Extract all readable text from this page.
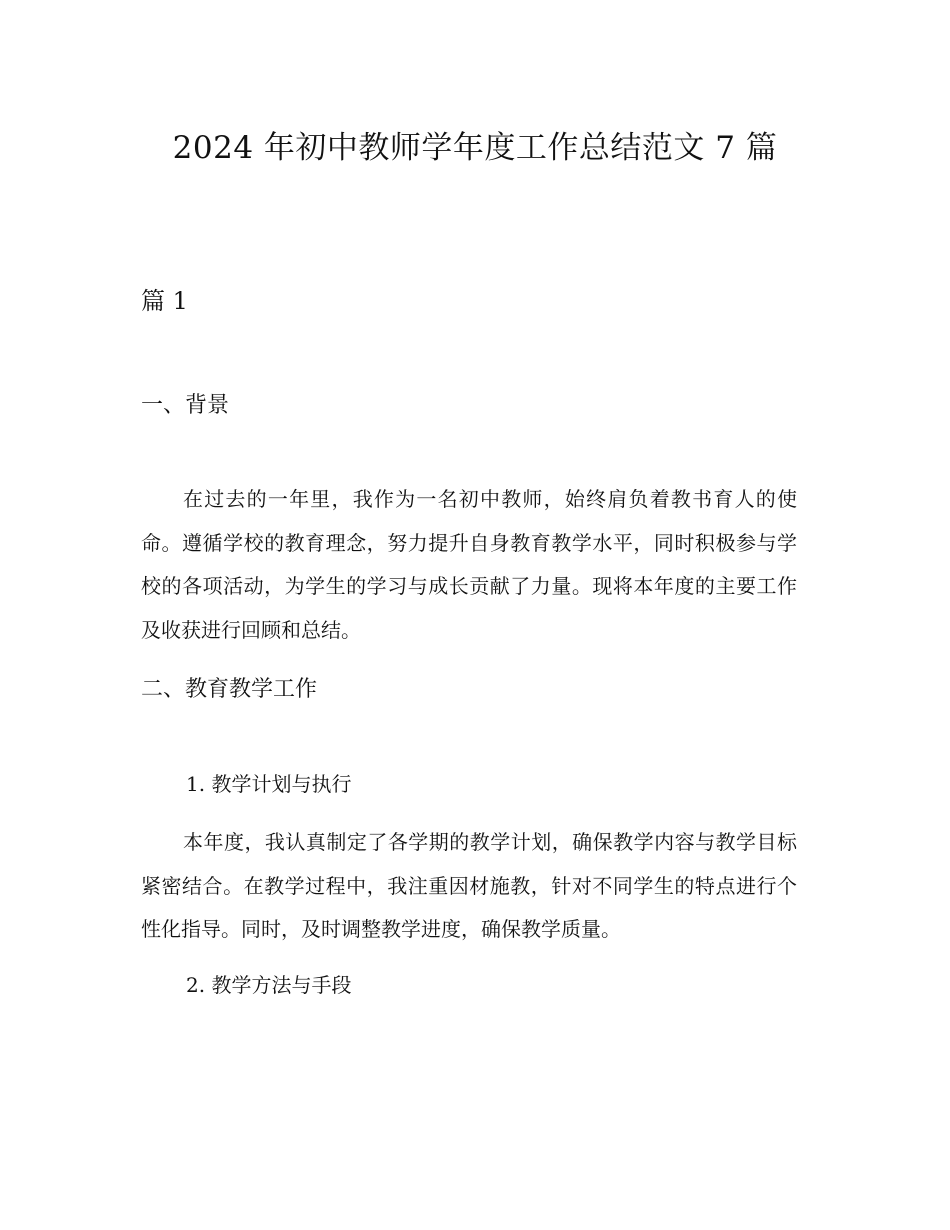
2024 年初中教师学年度工作总结范文 7 篇
篇 1
一、背景
在过去的一年里，我作为一名初中教师，始终肩负着教书育人的使命。遵循学校的教育理念，努力提升自身教育教学水平，同时积极参与学校的各项活动，为学生的学习与成长贡献了力量。现将本年度的主要工作及收获进行回顾和总结。
二、教育教学工作
1. 教学计划与执行
本年度，我认真制定了各学期的教学计划，确保教学内容与教学目标紧密结合。在教学过程中，我注重因材施教，针对不同学生的特点进行个性化指导。同时，及时调整教学进度，确保教学质量。
2. 教学方法与手段
